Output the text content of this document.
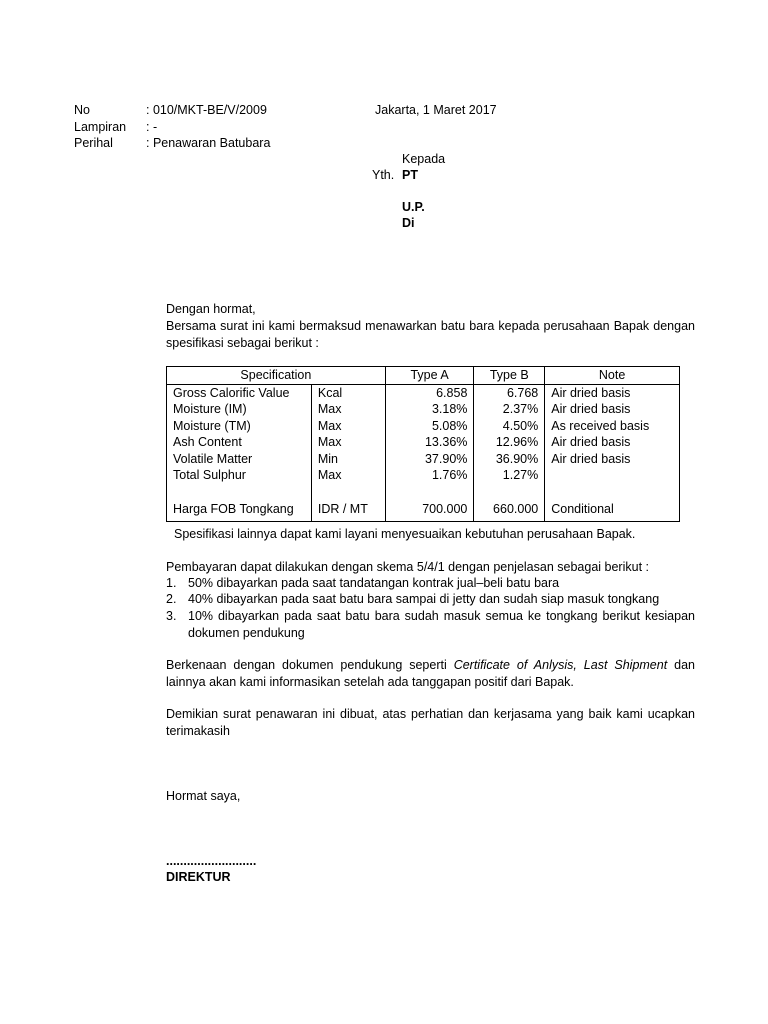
No	: 010/MKT-BE/V/2009	Jakarta, 1 Maret 2017
Lampiran : -
Perihal	: Penawaran Batubara
Kepada
Yth. PT
U.P.
Di
Dengan hormat,
Bersama surat ini kami bermaksud menawarkan batu bara kepada perusahaan Bapak dengan spesifikasi sebagai berikut :
Specification		Type A	Type B	Note
Gross Calorific Value	Kcal	6.858	6.768	Air dried basis
Moisture (IM)	Max	3.18%	2.37%	Air dried basis
Moisture (TM)	Max	5.08%	4.50%	As received basis
Ash Content	Max	13.36%	12.96%	Air dried basis
Volatile Matter	Min	37.90%	36.90%	Air dried basis
Total Sulphur	Max	1.76%	1.27%	

Harga FOB Tongkang	IDR / MT	700.000	660.000	Conditional
Spesifikasi lainnya dapat kami layani menyesuaikan kebutuhan perusahaan Bapak.
Pembayaran dapat dilakukan dengan skema 5/4/1 dengan penjelasan sebagai berikut :
1. 50% dibayarkan pada saat tandatangan kontrak jual–beli batu bara
2. 40% dibayarkan pada saat batu bara sampai di jetty dan sudah siap masuk tongkang
3. 10% dibayarkan pada saat batu bara sudah masuk semua ke tongkang berikut kesiapan dokumen pendukung
Berkenaan dengan dokumen pendukung seperti Certificate of Anlysis, Last Shipment dan lainnya akan kami informasikan setelah ada tanggapan positif dari Bapak.
Demikian surat penawaran ini dibuat, atas perhatian dan kerjasama yang baik kami ucapkan terimakasih
Hormat saya,
..........................
DIREKTUR
